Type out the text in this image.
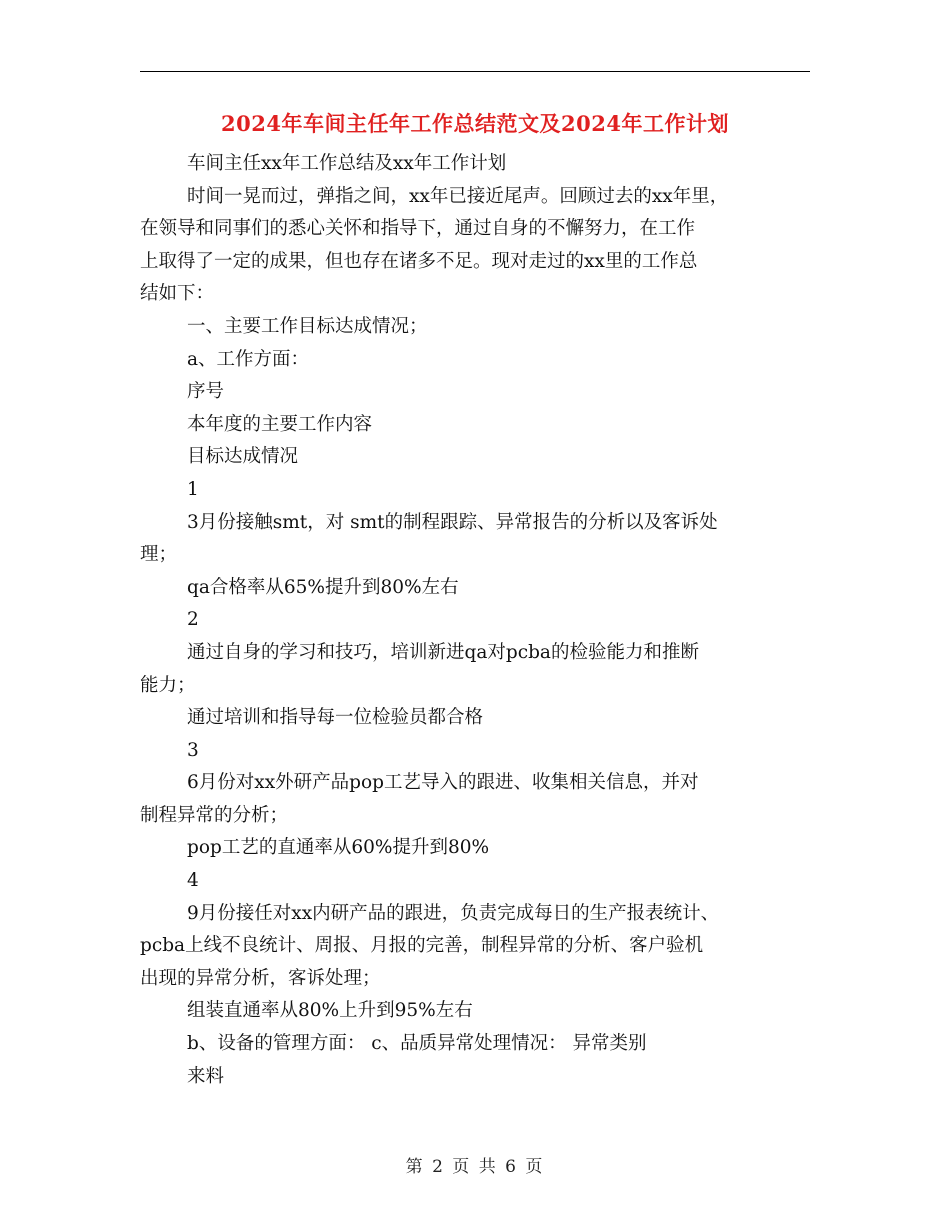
2024年车间主任年工作总结范文及2024年工作计划

车间主任xx年工作总结及xx年工作计划

时间一晃而过，弹指之间，xx年已接近尾声。回顾过去的xx年里，

在领导和同事们的悉心关怀和指导下，通过自身的不懈努力，在工作

上取得了一定的成果，但也存在诸多不足。现对走过的xx里的工作总

结如下：

一、主要工作目标达成情况；

a、工作方面：

序号

本年度的主要工作内容

目标达成情况

1

3月份接触smt，对 smt的制程跟踪、异常报告的分析以及客诉处

理；

qa合格率从65%提升到80%左右

2

通过自身的学习和技巧，培训新进qa对pcba的检验能力和推断

能力；

通过培训和指导每一位检验员都合格

3

6月份对xx外研产品pop工艺导入的跟进、收集相关信息，并对

制程异常的分析；

pop工艺的直通率从60%提升到80%

4

9月份接任对xx内研产品的跟进，负责完成每日的生产报表统计、

pcba上线不良统计、周报、月报的完善，制程异常的分析、客户验机

出现的异常分析，客诉处理；

组装直通率从80%上升到95%左右

b、设备的管理方面： c、品质异常处理情况： 异常类别

来料

第 2 页 共 6 页
